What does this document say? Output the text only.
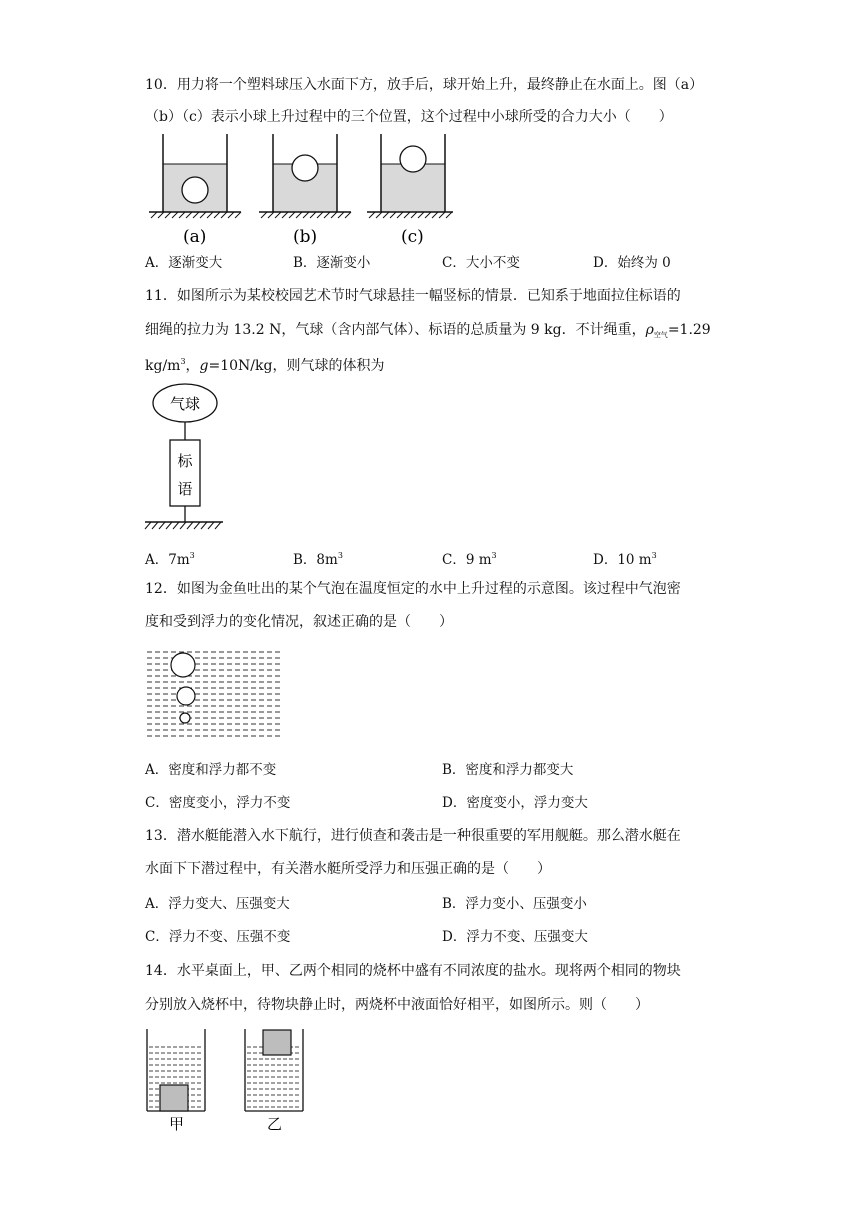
10．用力将一个塑料球压入水面下方，放手后，球开始上升，最终静止在水面上。图（a）
（b）（c）表示小球上升过程中的三个位置，这个过程中小球所受的合力大小（　　）
(a)	(b)	(c)
A．逐渐变大	B．逐渐变小	C．大小不变	D．始终为 0
11．如图所示为某校校园艺术节时气球悬挂一幅竖标的情景．已知系于地面拉住标语的
细绳的拉力为 13.2 N，气球（含内部气体）、标语的总质量为 9 kg．不计绳重，$\rho_{空气}=1.29$
$kg/m^3$，g=10N/kg，则气球的体积为
气球
标
语
A．$7m^3$	B．$8m^3$	C．9 $m^3$	D．10 $m^3$
12．如图为金鱼吐出的某个气泡在温度恒定的水中上升过程的示意图。该过程中气泡密
度和受到浮力的变化情况，叙述正确的是（　　）
A．密度和浮力都不变	B．密度和浮力都变大
C．密度变小，浮力不变	D．密度变小，浮力变大
13．潜水艇能潜入水下航行，进行侦查和袭击是一种很重要的军用舰艇。那么潜水艇在
水面下下潜过程中，有关潜水艇所受浮力和压强正确的是（　　）
A．浮力变大、压强变大	B．浮力变小、压强变小
C．浮力不变、压强不变	D．浮力不变、压强变大
14．水平桌面上，甲、乙两个相同的烧杯中盛有不同浓度的盐水。现将两个相同的物块
分别放入烧杯中，待物块静止时，两烧杯中液面恰好相平，如图所示。则（　　）
甲	乙
